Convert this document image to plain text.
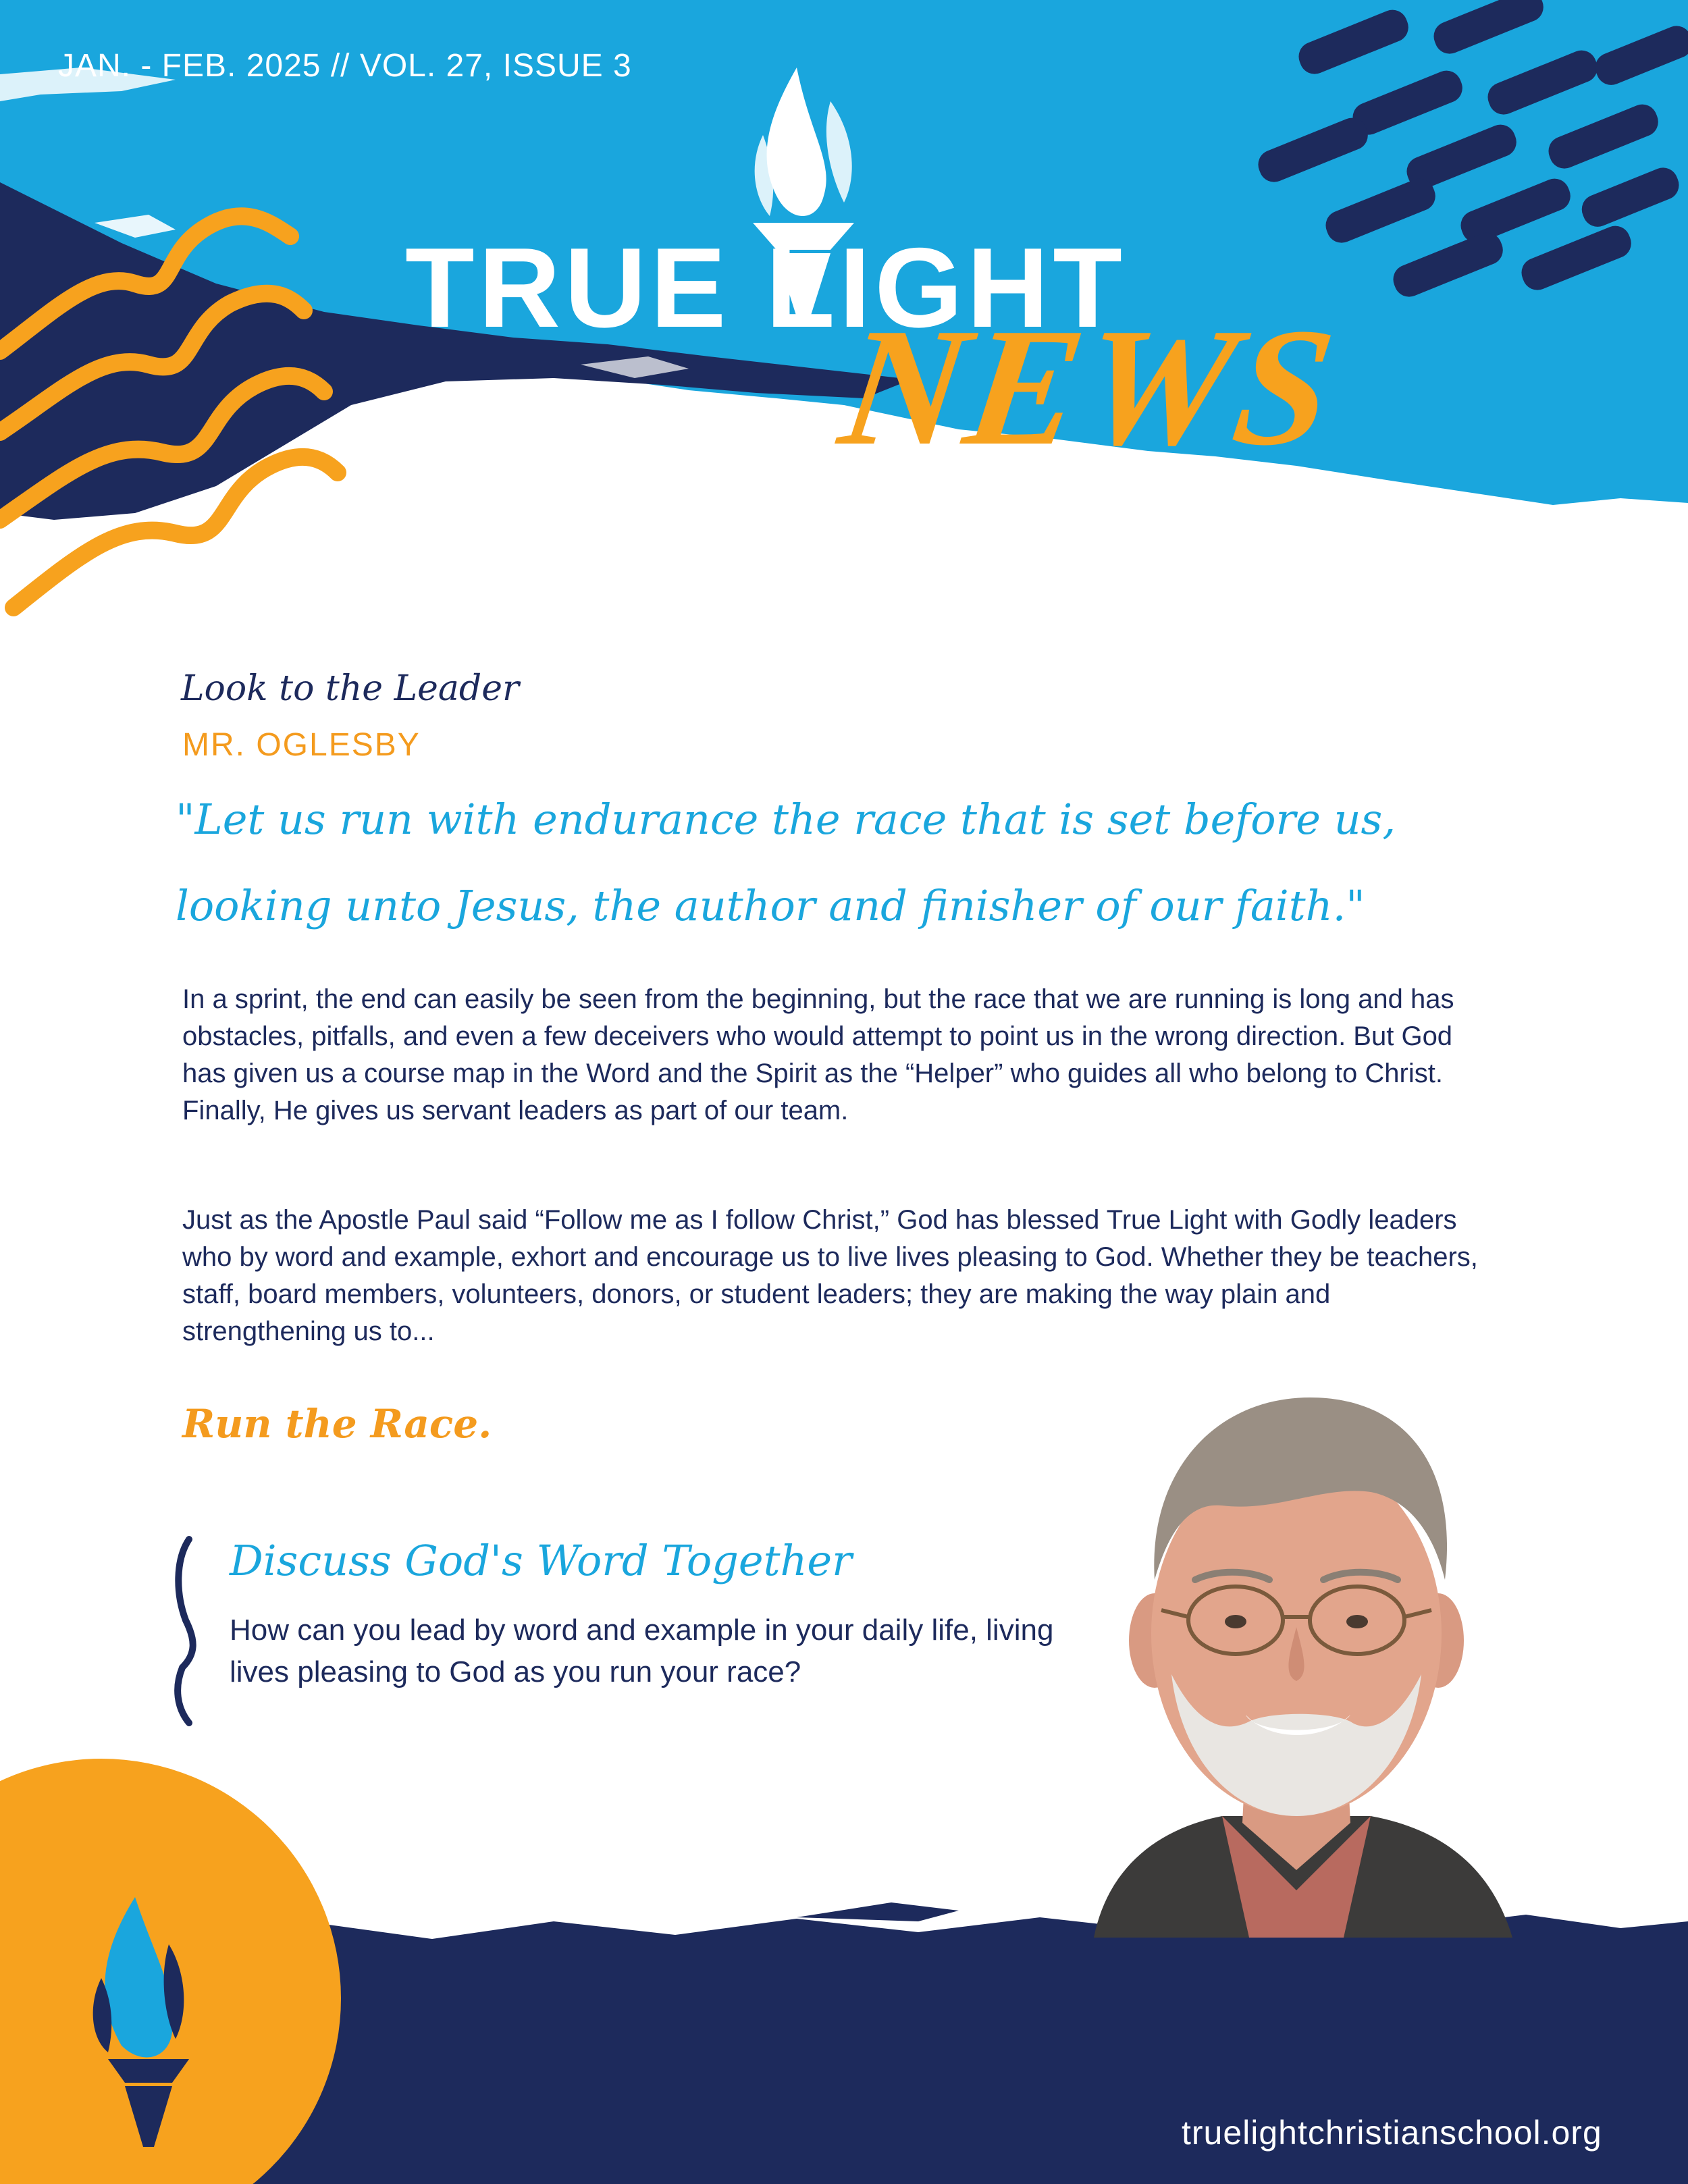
JAN. - FEB. 2025 // VOL. 27, ISSUE 3
TRUE LIGHT
NEWS
Look to the Leader
MR. OGLESBY
"Let us run with endurance the race that is set before us, looking unto Jesus, the author and finisher of our faith."

In a sprint, the end can easily be seen from the beginning, but the race that we are running is long and has obstacles, pitfalls, and even a few deceivers who would attempt to point us in the wrong direction. But God has given us a course map in the Word and the Spirit as the “Helper” who guides all who belong to Christ. Finally, He gives us servant leaders as part of our team.

Just as the Apostle Paul said “Follow me as I follow Christ,” God has blessed True Light with Godly leaders who by word and example, exhort and encourage us to live lives pleasing to God. Whether they be teachers, staff, board members, volunteers, donors, or student leaders; they are making the way plain and strengthening us to...

Run the Race.
Discuss God's Word Together

How can you lead by word and example in your daily life, living lives pleasing to God as you run your race?

truelightchristianschool.org
